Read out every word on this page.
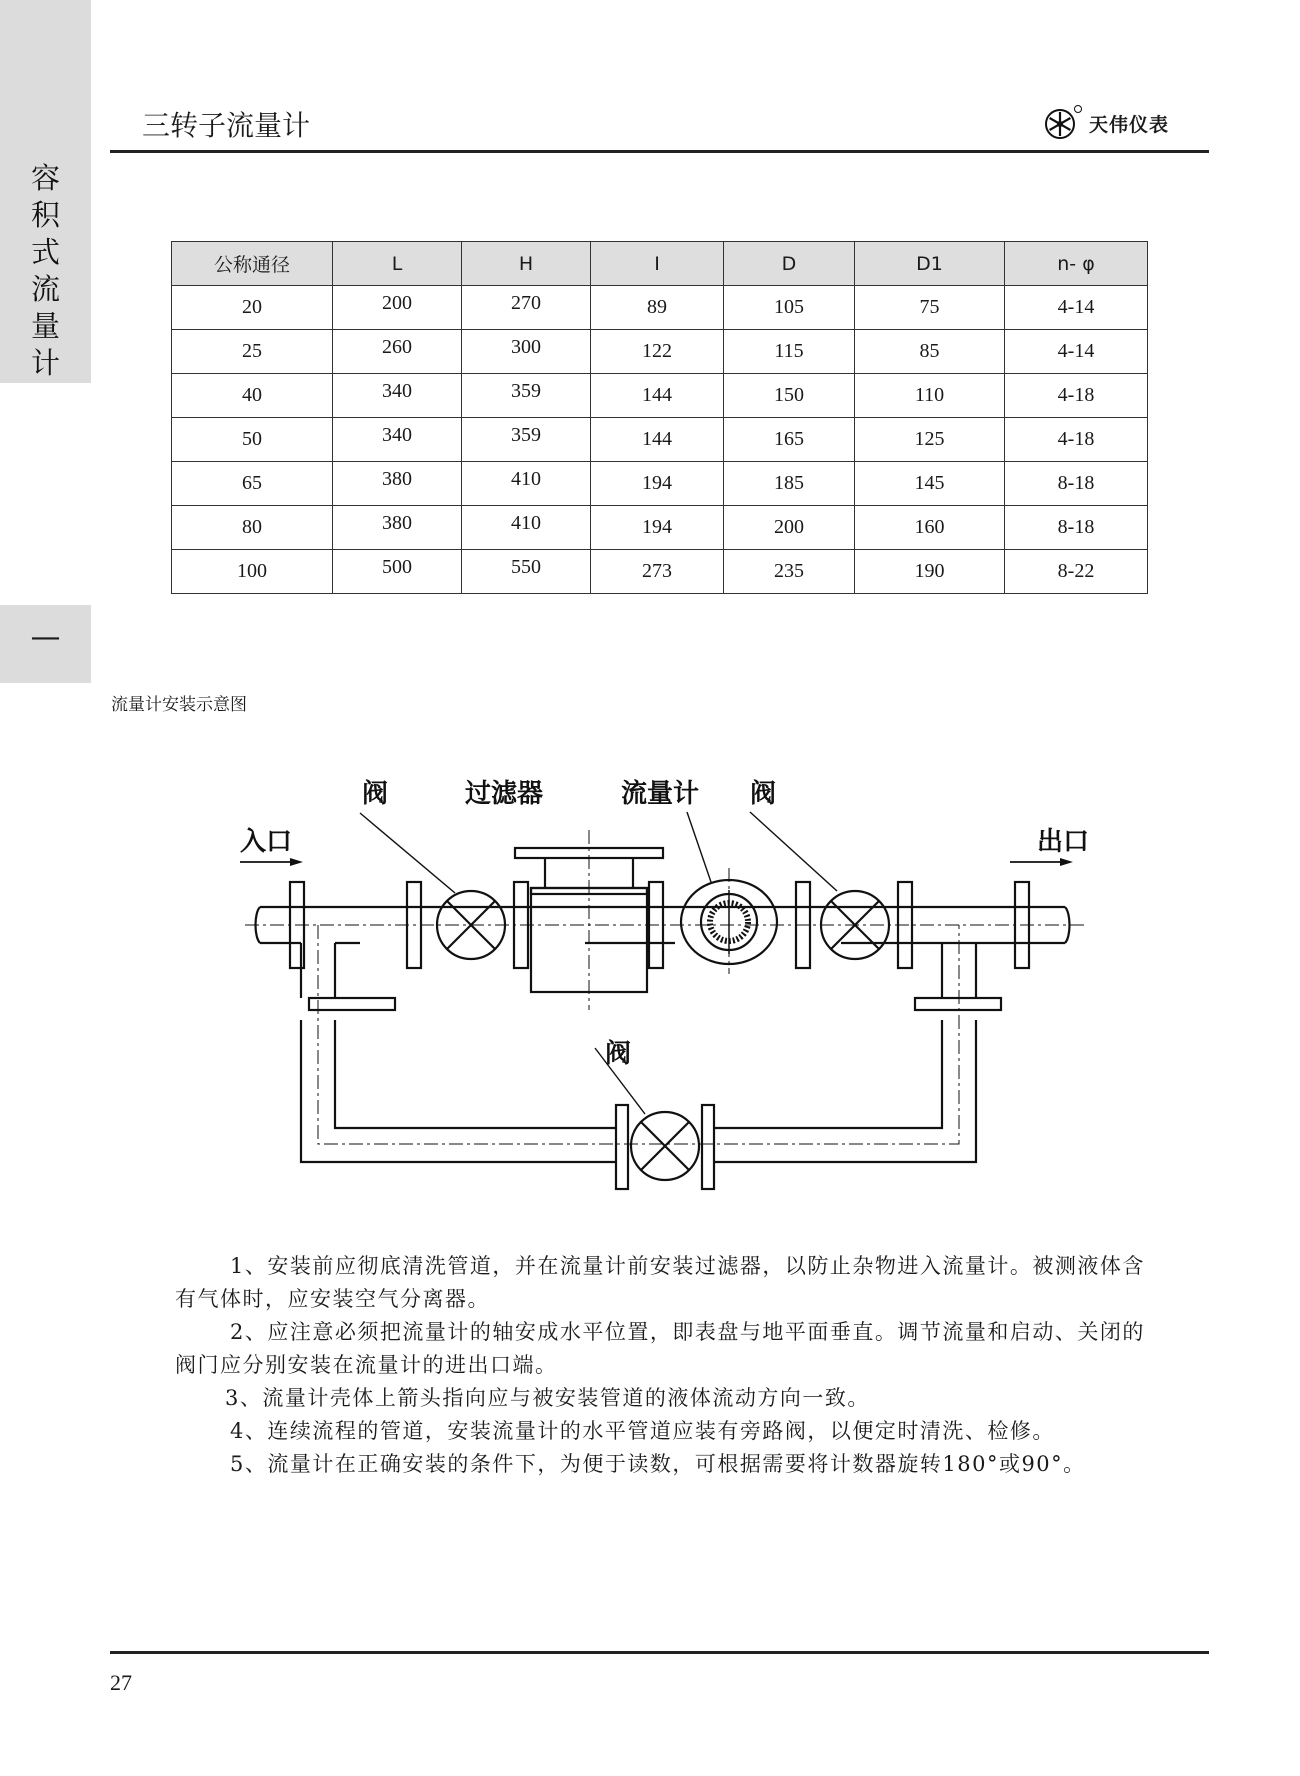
容
积
式
流
量
计
—
三转子流量计	天伟仪表
公称通径	L	H	I	D	D1	n- φ
20	200	270	89	105	75	4-14
25	260	300	122	115	85	4-14
40	340	359	144	150	110	4-18
50	340	359	144	165	125	4-18
65	380	410	194	185	145	8-18
80	380	410	194	200	160	8-18
100	500	550	273	235	190	8-22
流量计安装示意图
阀	过滤器	流量计 阀
阀
入口	出口

1、安装前应彻底清洗管道，并在流量计前安装过滤器，以防止杂物进入流量计。被测液体含有气体时，应安装空气分离器。

2、应注意必须把流量计的轴安成水平位置，即表盘与地平面垂直。调节流量和启动、关闭的阀门应分别安装在流量计的进出口端。

3、流量计壳体上箭头指向应与被安装管道的液体流动方向一致。

4、连续流程的管道，安装流量计的水平管道应装有旁路阀，以便定时清洗、检修。

5、流量计在正确安装的条件下，为便于读数，可根据需要将计数器旋转180°或90°。

27
